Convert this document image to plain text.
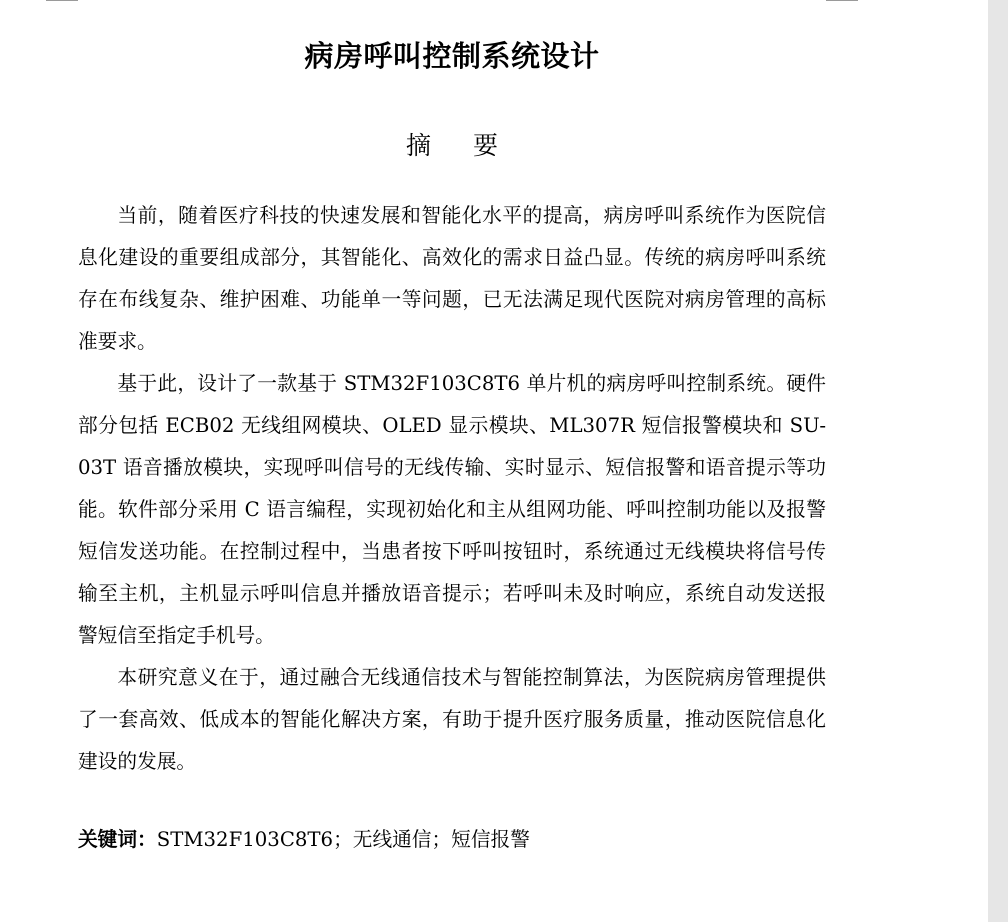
病房呼叫控制系统设计
摘 要

当前，随着医疗科技的快速发展和智能化水平的提高，病房呼叫系统作为医院信息化建设的重要组成部分，其智能化、高效化的需求日益凸显。传统的病房呼叫系统存在布线复杂、维护困难、功能单一等问题，已无法满足现代医院对病房管理的高标准要求。

基于此，设计了一款基于 STM32F103C8T6 单片机的病房呼叫控制系统。硬件部分包括 ECB02 无线组网模块、OLED 显示模块、ML307R 短信报警模块和 SU-03T 语音播放模块，实现呼叫信号的无线传输、实时显示、短信报警和语音提示等功能。软件部分采用 C 语言编程，实现初始化和主从组网功能、呼叫控制功能以及报警短信发送功能。在控制过程中，当患者按下呼叫按钮时，系统通过无线模块将信号传输至主机，主机显示呼叫信息并播放语音提示；若呼叫未及时响应，系统自动发送报警短信至指定手机号。

本研究意义在于，通过融合无线通信技术与智能控制算法，为医院病房管理提供了一套高效、低成本的智能化解决方案，有助于提升医疗服务质量，推动医院信息化建设的发展。

关键词：STM32F103C8T6；无线通信；短信报警
